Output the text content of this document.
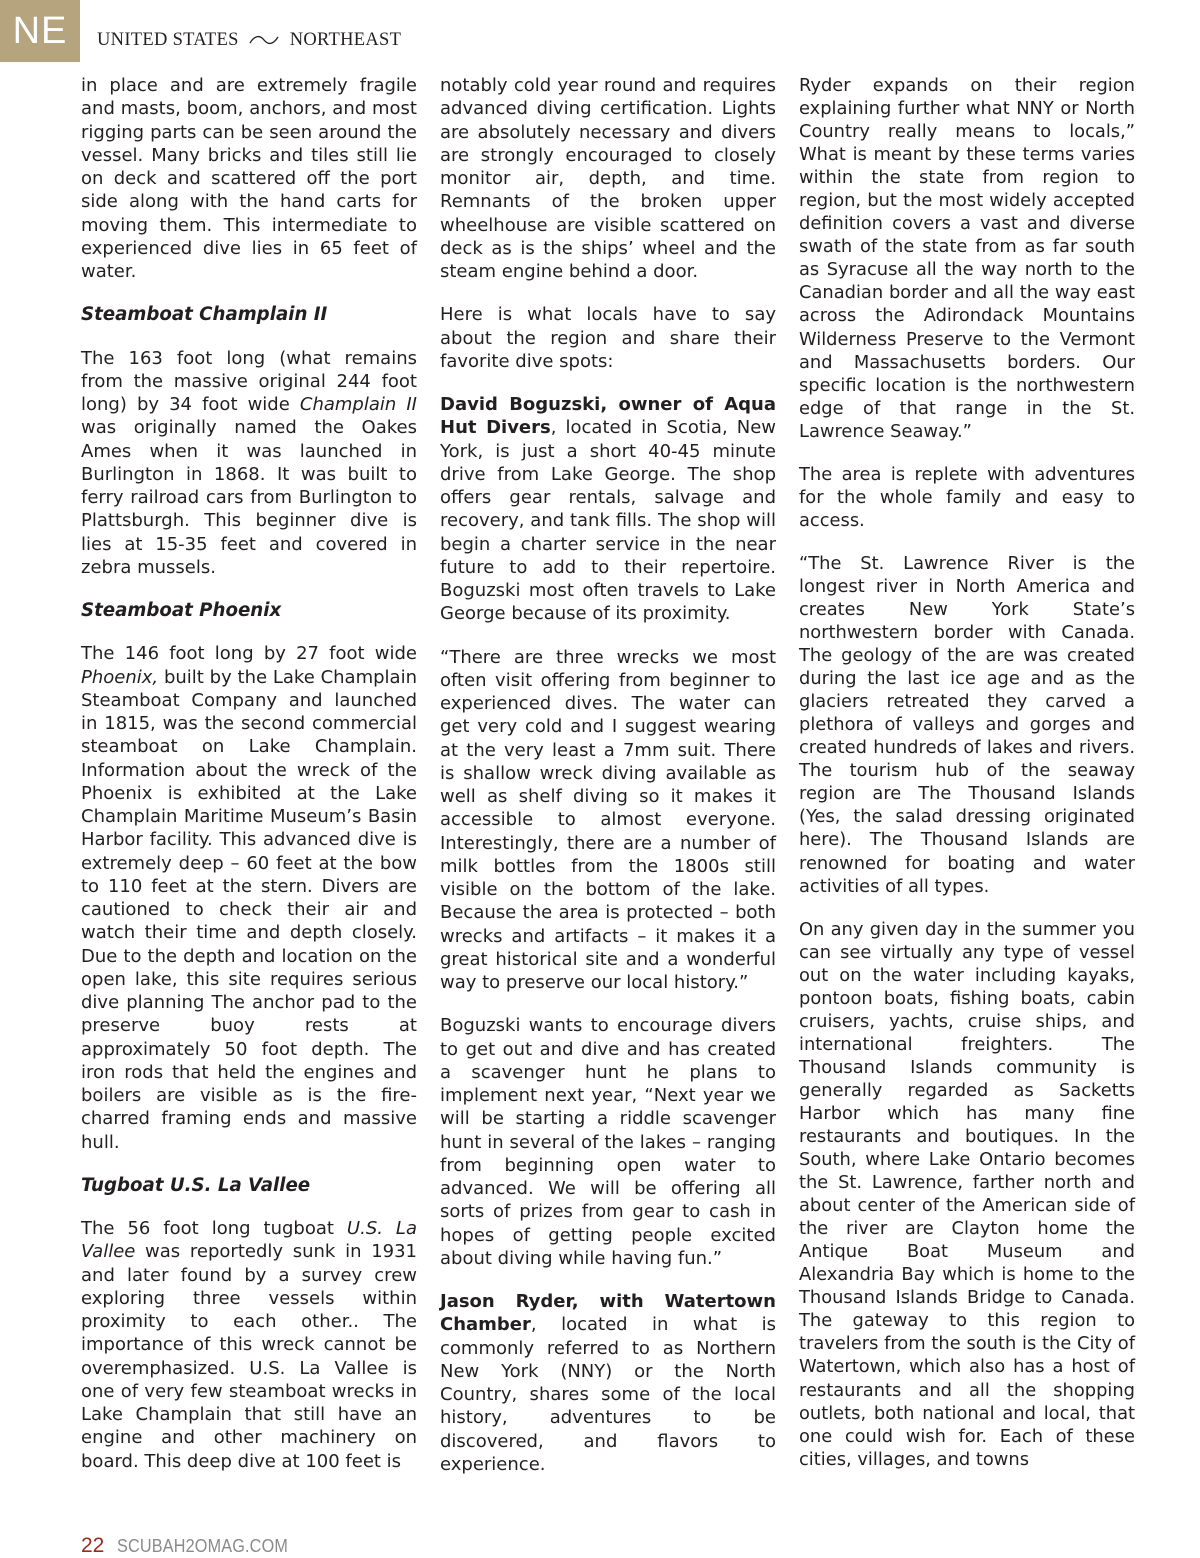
NE	UNITED STATES	NORTHEAST

in place and are extremely fragile and masts, boom, anchors, and most rigging parts can be seen around the vessel. Many bricks and tiles still lie on deck and scattered off the port side along with the hand carts for moving them. This intermediate to experienced dive lies in 65 feet of water.

Steamboat Champlain II

The 163 foot long (what remains from the massive original 244 foot long) by 34 foot wide Champlain II was originally named the Oakes Ames when it was launched in Burlington in 1868. It was built to ferry railroad cars from Burlington to Plattsburgh. This beginner dive is lies at 15-35 feet and covered in zebra mussels.

Steamboat Phoenix

The 146 foot long by 27 foot wide Phoenix, built by the Lake Champlain Steamboat Company and launched in 1815, was the second commercial steamboat on Lake Champlain. Information about the wreck of the Phoenix is exhibited at the Lake Champlain Maritime Museum’s Basin Harbor facility. This advanced dive is extremely deep – 60 feet at the bow to 110 feet at the stern. Divers are cautioned to check their air and watch their time and depth closely. Due to the depth and location on the open lake, this site requires serious dive planning The anchor pad to the preserve buoy rests at approximately 50 foot depth. The iron rods that held the engines and boilers are visible as is the fire-charred framing ends and massive hull.

Tugboat U.S. La Vallee

The 56 foot long tugboat U.S. La Vallee was reportedly sunk in 1931 and later found by a survey crew exploring three vessels within proximity to each other.. The importance of this wreck cannot be overemphasized. U.S. La Vallee is one of very few steamboat wrecks in Lake Champlain that still have an engine and other machinery on board. This deep dive at 100 feet is

notably cold year round and requires advanced diving certification. Lights are absolutely necessary and divers are strongly encouraged to closely monitor air, depth, and time. Remnants of the broken upper wheelhouse are visible scattered on deck as is the ships’ wheel and the steam engine behind a door.

Here is what locals have to say about the region and share their favorite dive spots:

David Boguzski, owner of Aqua Hut Divers, located in Scotia, New York, is just a short 40-45 minute drive from Lake George. The shop offers gear rentals, salvage and recovery, and tank fills. The shop will begin a charter service in the near future to add to their repertoire. Boguzski most often travels to Lake George because of its proximity.

“There are three wrecks we most often visit offering from beginner to experienced dives. The water can get very cold and I suggest wearing at the very least a 7mm suit. There is shallow wreck diving available as well as shelf diving so it makes it accessible to almost everyone. Interestingly, there are a number of milk bottles from the 1800s still visible on the bottom of the lake. Because the area is protected – both wrecks and artifacts – it makes it a great historical site and a wonderful way to preserve our local history.”

Boguzski wants to encourage divers to get out and dive and has created a scavenger hunt he plans to implement next year, “Next year we will be starting a riddle scavenger hunt in several of the lakes – ranging from beginning open water to advanced. We will be offering all sorts of prizes from gear to cash in hopes of getting people excited about diving while having fun.”

Jason Ryder, with Watertown Chamber, located in what is commonly referred to as Northern New York (NNY) or the North Country, shares some of the local history, adventures to be discovered, and flavors to experience.

Ryder expands on their region explaining further what NNY or North Country really means to locals,” What is meant by these terms varies within the state from region to region, but the most widely accepted definition covers a vast and diverse swath of the state from as far south as Syracuse all the way north to the Canadian border and all the way east across the Adirondack Mountains Wilderness Preserve to the Vermont and Massachusetts borders. Our specific location is the northwestern edge of that range in the St. Lawrence Seaway.”

The area is replete with adventures for the whole family and easy to access.

“The St. Lawrence River is the longest river in North America and creates New York State’s northwestern border with Canada. The geology of the are was created during the last ice age and as the glaciers retreated they carved a plethora of valleys and gorges and created hundreds of lakes and rivers. The tourism hub of the seaway region are The Thousand Islands (Yes, the salad dressing originated here). The Thousand Islands are renowned for boating and water activities of all types.

On any given day in the summer you can see virtually any type of vessel out on the water including kayaks, pontoon boats, fishing boats, cabin cruisers, yachts, cruise ships, and international freighters. The Thousand Islands community is generally regarded as Sacketts Harbor which has many fine restaurants and boutiques. In the South, where Lake Ontario becomes the St. Lawrence, farther north and about center of the American side of the river are Clayton home the Antique Boat Museum and Alexandria Bay which is home to the Thousand Islands Bridge to Canada. The gateway to this region to travelers from the south is the City of Watertown, which also has a host of restaurants and all the shopping outlets, both national and local, that one could wish for. Each of these cities, villages, and towns

22 SCUBAH2OMAG.COM
